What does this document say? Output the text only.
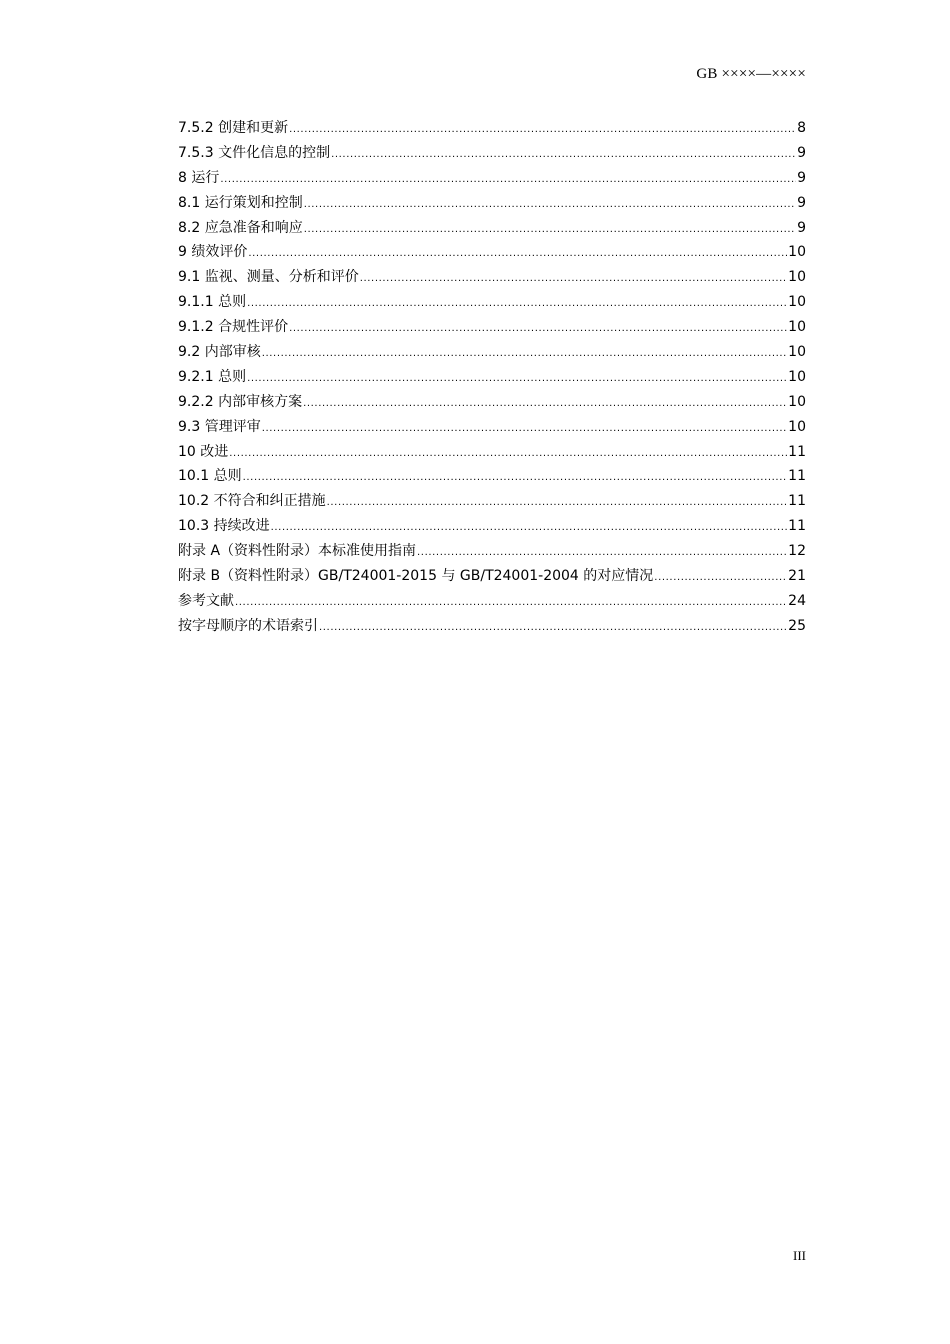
GB ××××—××××
7.5.2 创建和更新 .....	8
7.5.3 文件化信息的控制 .....	9
8 运行 .....	9
8.1 运行策划和控制 .....	9
8.2 应急准备和响应 .....	9
9 绩效评价 .....	10
9.1 监视、测量、分析和评价 .....	10
9.1.1 总则 .....	10
9.1.2 合规性评价 .....	10
9.2 内部审核 .....	10
9.2.1 总则 .....	10
9.2.2 内部审核方案 .....	10
9.3 管理评审 .....	10
10 改进 .....	11
10.1 总则 .....	11
10.2 不符合和纠正措施 .....	11
10.3 持续改进 .....	11
附录 A（资料性附录）本标准使用指南 .....	12
附录 B（资料性附录）GB/T24001-2015 与 GB/T24001-2004 的对应情况 .....	21
参考文献 .....	24
按字母顺序的术语索引 .....	25
III
